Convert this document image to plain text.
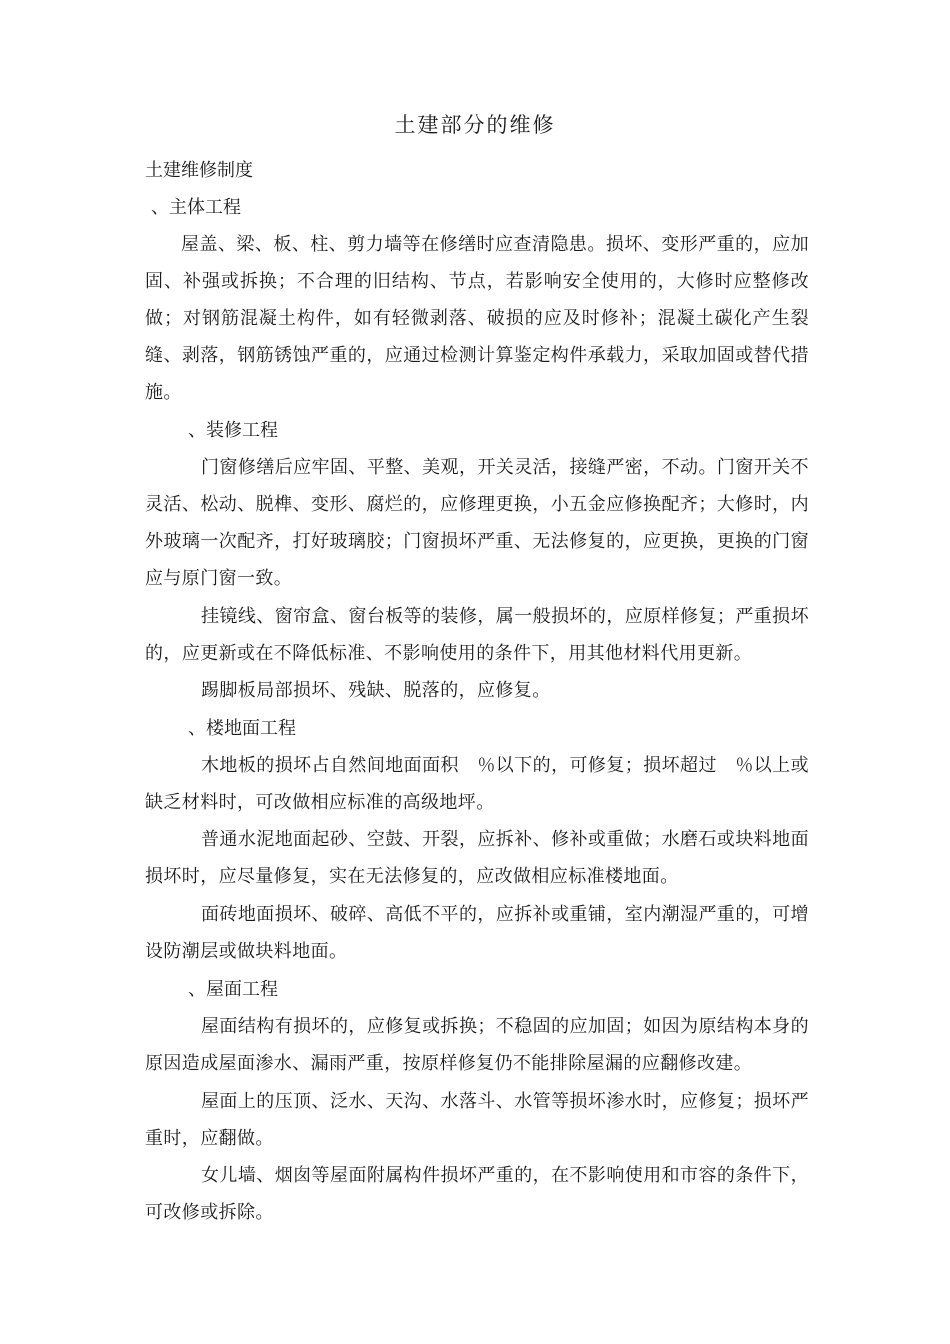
土建部分的维修

土建维修制度

、主体工程

屋盖、梁、板、柱、剪力墙等在修缮时应查清隐患。损坏、变形严重的，应加固、补强或拆换；不合理的旧结构、节点，若影响安全使用的，大修时应整修改做；对钢筋混凝土构件，如有轻微剥落、破损的应及时修补；混凝土碳化产生裂缝、剥落，钢筋锈蚀严重的，应通过检测计算鉴定构件承载力，采取加固或替代措施。

、装修工程

门窗修缮后应牢固、平整、美观，开关灵活，接缝严密，不动。门窗开关不灵活、松动、脱榫、变形、腐烂的，应修理更换，小五金应修换配齐；大修时，内外玻璃一次配齐，打好玻璃胶；门窗损坏严重、无法修复的，应更换，更换的门窗应与原门窗一致。

挂镜线、窗帘盒、窗台板等的装修，属一般损坏的，应原样修复；严重损坏的，应更新或在不降低标准、不影响使用的条件下，用其他材料代用更新。

踢脚板局部损坏、残缺、脱落的，应修复。

、楼地面工程

木地板的损坏占自然间地面面积　％以下的，可修复；损坏超过　％以上或缺乏材料时，可改做相应标准的高级地坪。

普通水泥地面起砂、空鼓、开裂，应拆补、修补或重做；水磨石或块料地面损坏时，应尽量修复，实在无法修复的，应改做相应标准楼地面。

面砖地面损坏、破碎、高低不平的，应拆补或重铺，室内潮湿严重的，可增设防潮层或做块料地面。

、屋面工程

屋面结构有损坏的，应修复或拆换；不稳固的应加固；如因为原结构本身的原因造成屋面渗水、漏雨严重，按原样修复仍不能排除屋漏的应翻修改建。

屋面上的压顶、泛水、天沟、水落斗、水管等损坏渗水时，应修复；损坏严重时，应翻做。

女儿墙、烟囱等屋面附属构件损坏严重的，在不影响使用和市容的条件下，可改修或拆除。
